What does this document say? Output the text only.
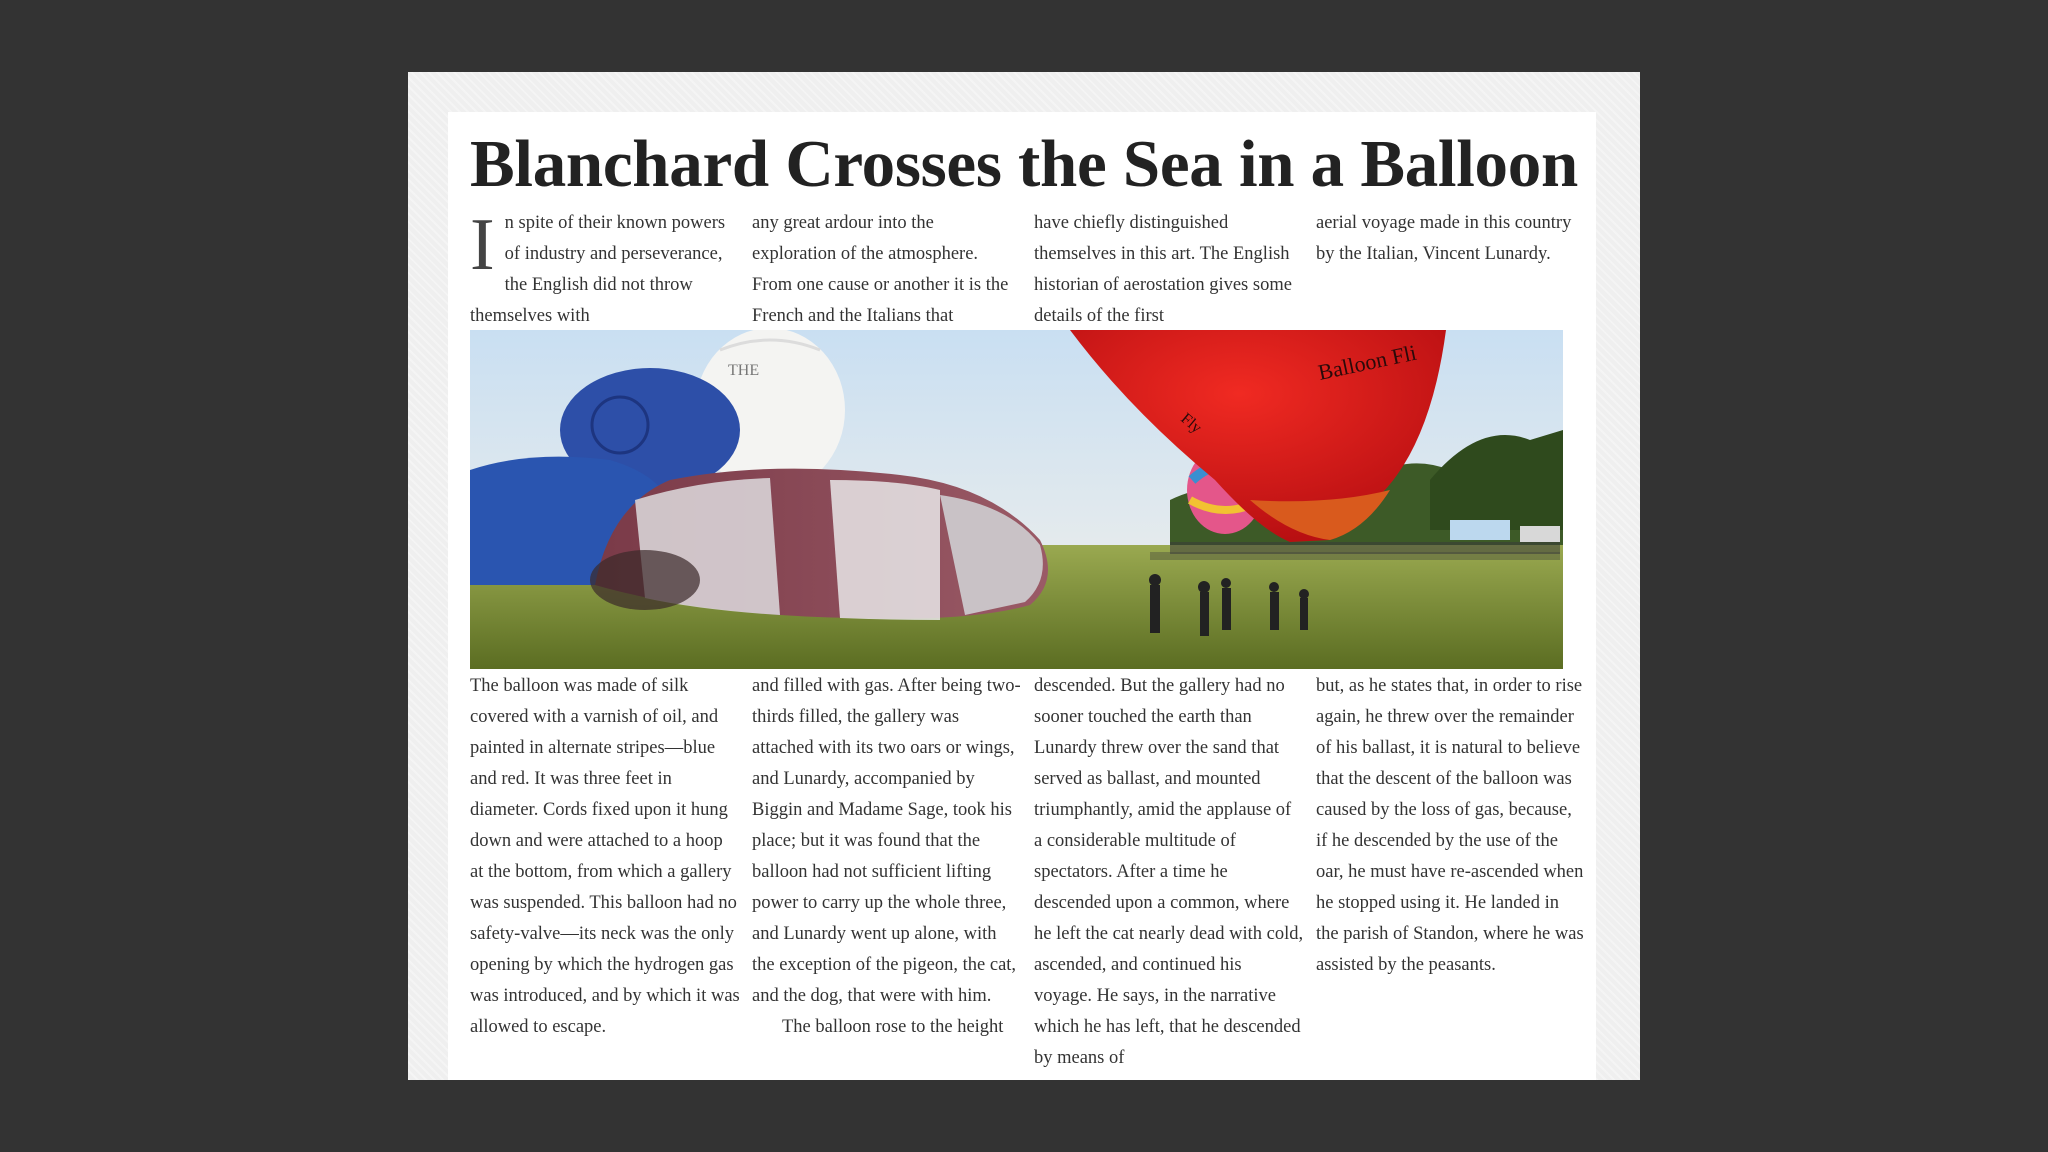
Blanchard Crosses the Sea in a Balloon
I n spite of their known powers of industry and perseverance, the English did not throw themselves with
any great ardour into the exploration of the atmosphere. From one cause or another it is the French and the Italians that
have chiefly distinguished themselves in this art. The English historian of aerostation gives some details of the first
aerial voyage made in this country by the Italian, Vincent Lunardy.
Balloon Fli
Fly
THE

The balloon was made of silk covered with a varnish of oil, and painted in alternate stripes—blue and red. It was three feet in diameter. Cords fixed upon it hung down and were attached to a hoop at the bottom, from which a gallery was suspended. This balloon had no safety-valve—its neck was the only opening by which the hydrogen gas was introduced, and by which it was allowed to escape.

and filled with gas. After being two-thirds filled, the gallery was attached with its two oars or wings, and Lunardy, accompanied by Biggin and Madame Sage, took his place; but it was found that the balloon had not sufficient lifting power to carry up the whole three, and Lunardy went up alone, with the exception of the pigeon, the cat, and the dog, that were with him.

The balloon rose to the height

descended. But the gallery had no sooner touched the earth than Lunardy threw over the sand that served as ballast, and mounted triumphantly, amid the applause of a considerable multitude of spectators. After a time he descended upon a common, where he left the cat nearly dead with cold, ascended, and continued his voyage. He says, in the narrative which he has left, that he descended by means of

but, as he states that, in order to rise again, he threw over the remainder of his ballast, it is natural to believe that the descent of the balloon was caused by the loss of gas, because, if he descended by the use of the oar, he must have re-ascended when he stopped using it. He landed in the parish of Standon, where he was assisted by the peasants.
